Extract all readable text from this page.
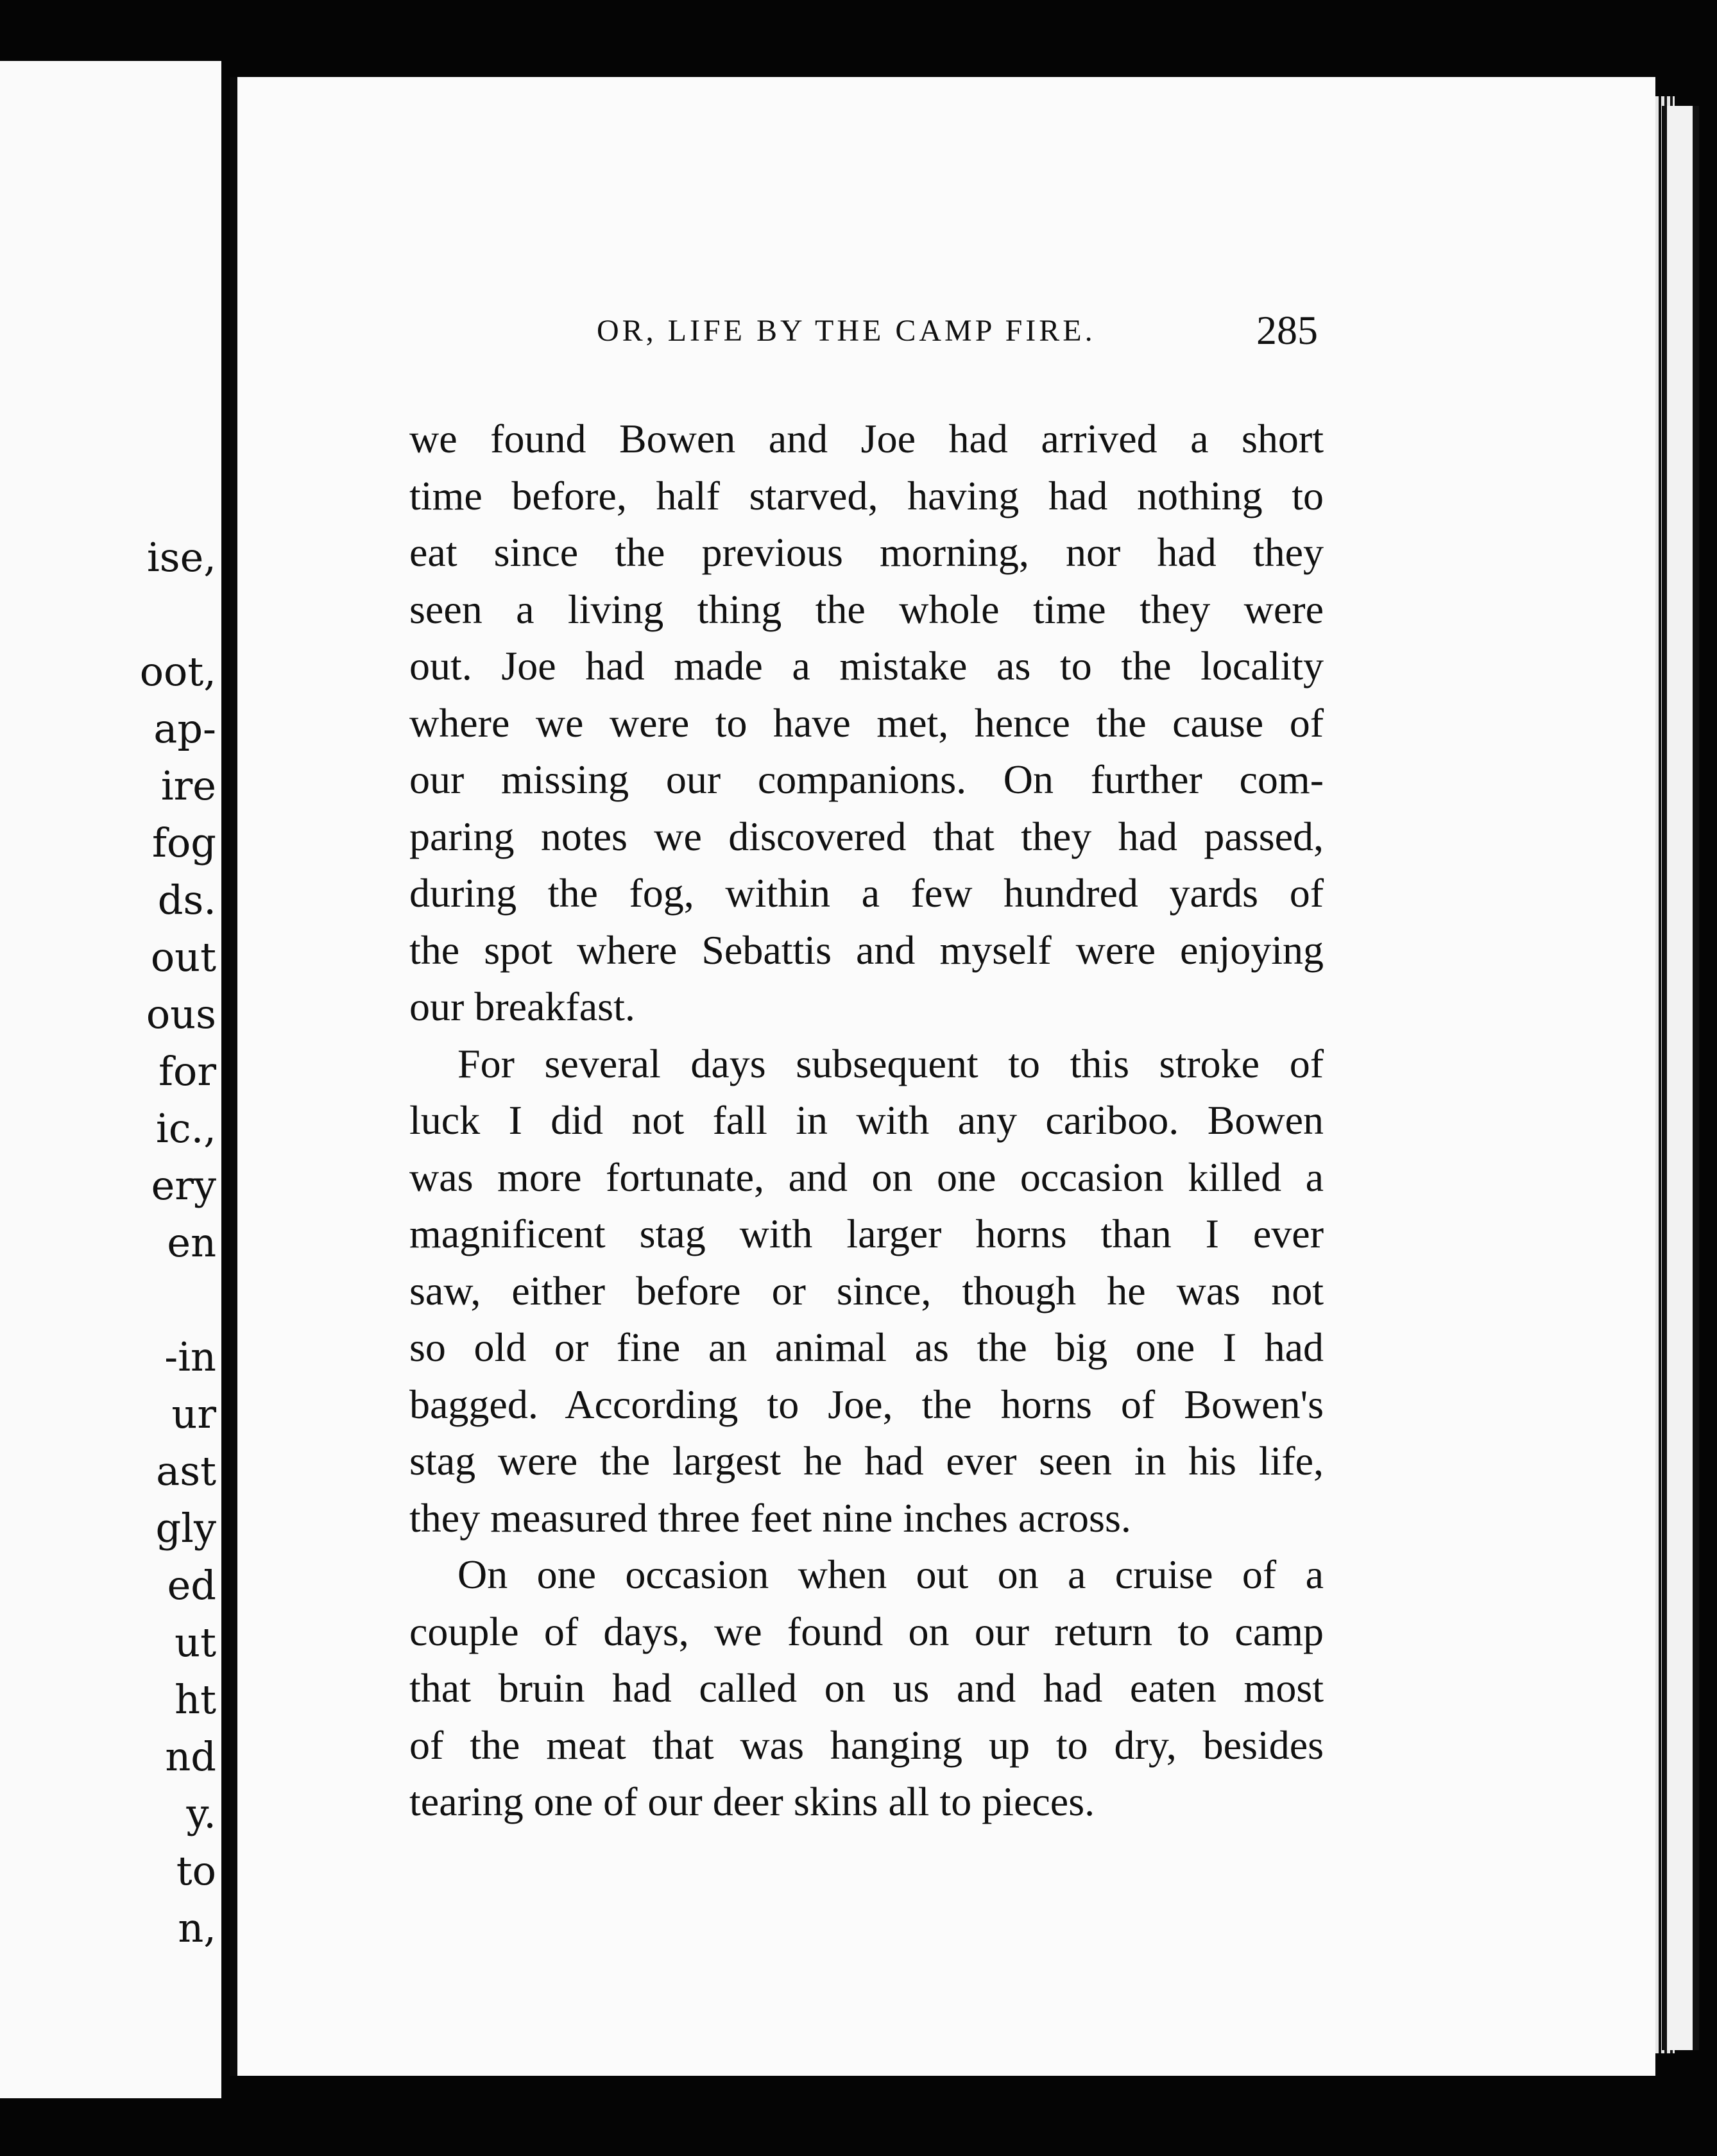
ise,

oot,
ap-
ire
fog
ds.
out
ous
for
ic.,
ery
en

-in
ur
ast
gly
ed
ut
ht
nd
y.
to
n,

OR, LIFE BY THE CAMP FIRE.	285
we found Bowen and Joe had arrived a short
time before, half starved, having had nothing to
eat since the previous morning, nor had they
seen a living thing the whole time they were
out. Joe had made a mistake as to the locality
where we were to have met, hence the cause of
our missing our companions. On further com-
paring notes we discovered that they had passed,
during the fog, within a few hundred yards of
the spot where Sebattis and myself were enjoying
our breakfast.
For several days subsequent to this stroke of
luck I did not fall in with any cariboo. Bowen
was more fortunate, and on one occasion killed a
magnificent stag with larger horns than I ever
saw, either before or since, though he was not
so old or fine an animal as the big one I had
bagged. According to Joe, the horns of Bowen's
stag were the largest he had ever seen in his life,
they measured three feet nine inches across.
On one occasion when out on a cruise of a
couple of days, we found on our return to camp
that bruin had called on us and had eaten most
of the meat that was hanging up to dry, besides
tearing one of our deer skins all to pieces.
